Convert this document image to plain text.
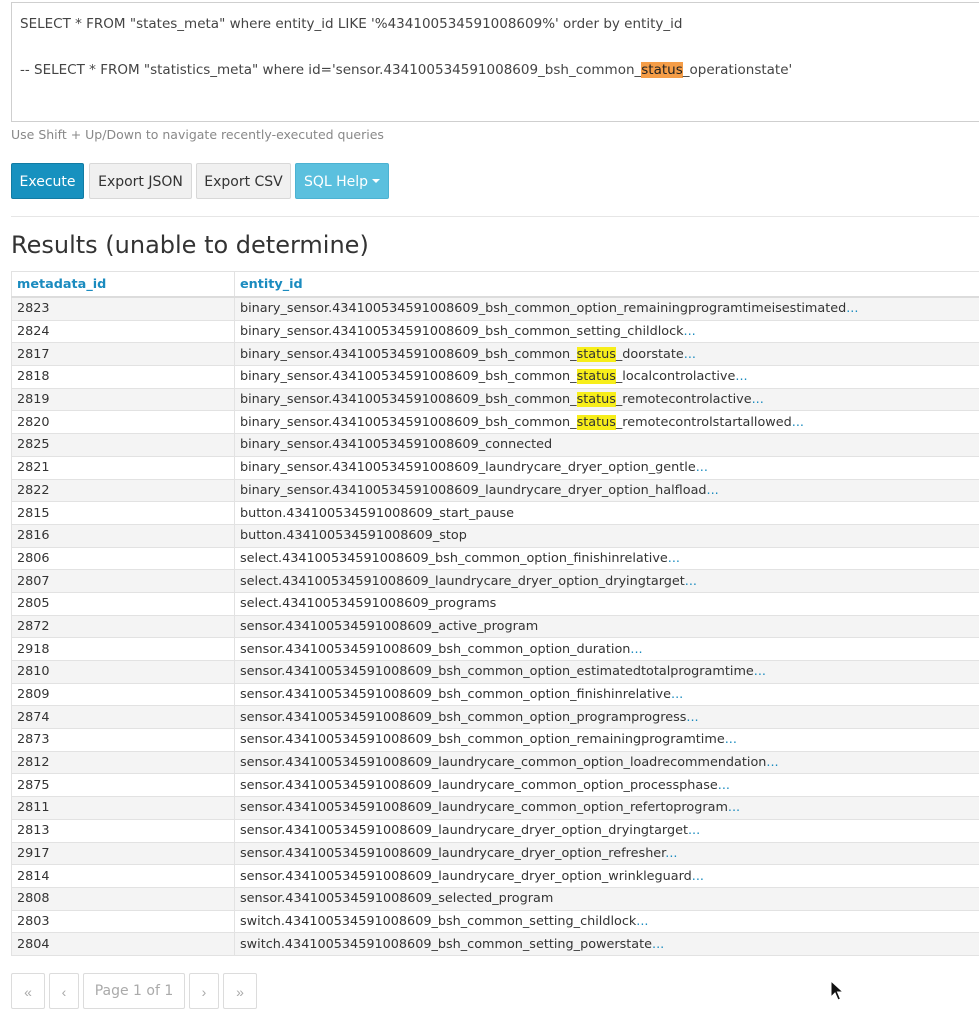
SELECT * FROM "states_meta" where entity_id LIKE '%434100534591008609%' order by entity_id
-- SELECT * FROM "statistics_meta" where id='sensor.434100534591008609_bsh_common_status_operationstate'
Use Shift + Up/Down to navigate recently-executed queries
Execute	Export JSON	Export CSV	SQL Help
Results (unable to determine)
metadata_id	entity_id
2823	binary_sensor.434100534591008609_bsh_common_option_remainingprogramtimeisestimated...
2824	binary_sensor.434100534591008609_bsh_common_setting_childlock...
2817	binary_sensor.434100534591008609_bsh_common_status_doorstate...
2818	binary_sensor.434100534591008609_bsh_common_status_localcontrolactive...
2819	binary_sensor.434100534591008609_bsh_common_status_remotecontrolactive...
2820	binary_sensor.434100534591008609_bsh_common_status_remotecontrolstartallowed...
2825	binary_sensor.434100534591008609_connected
2821	binary_sensor.434100534591008609_laundrycare_dryer_option_gentle...
2822	binary_sensor.434100534591008609_laundrycare_dryer_option_halfload...
2815	button.434100534591008609_start_pause
2816	button.434100534591008609_stop
2806	select.434100534591008609_bsh_common_option_finishinrelative...
2807	select.434100534591008609_laundrycare_dryer_option_dryingtarget...
2805	select.434100534591008609_programs
2872	sensor.434100534591008609_active_program
2918	sensor.434100534591008609_bsh_common_option_duration...
2810	sensor.434100534591008609_bsh_common_option_estimatedtotalprogramtime...
2809	sensor.434100534591008609_bsh_common_option_finishinrelative...
2874	sensor.434100534591008609_bsh_common_option_programprogress...
2873	sensor.434100534591008609_bsh_common_option_remainingprogramtime...
2812	sensor.434100534591008609_laundrycare_common_option_loadrecommendation...
2875	sensor.434100534591008609_laundrycare_common_option_processphase...
2811	sensor.434100534591008609_laundrycare_common_option_refertoprogram...
2813	sensor.434100534591008609_laundrycare_dryer_option_dryingtarget...
2917	sensor.434100534591008609_laundrycare_dryer_option_refresher...
2814	sensor.434100534591008609_laundrycare_dryer_option_wrinkleguard...
2808	sensor.434100534591008609_selected_program
2803	switch.434100534591008609_bsh_common_setting_childlock...
2804	switch.434100534591008609_bsh_common_setting_powerstate...
«	‹	Page 1 of 1	›	»
